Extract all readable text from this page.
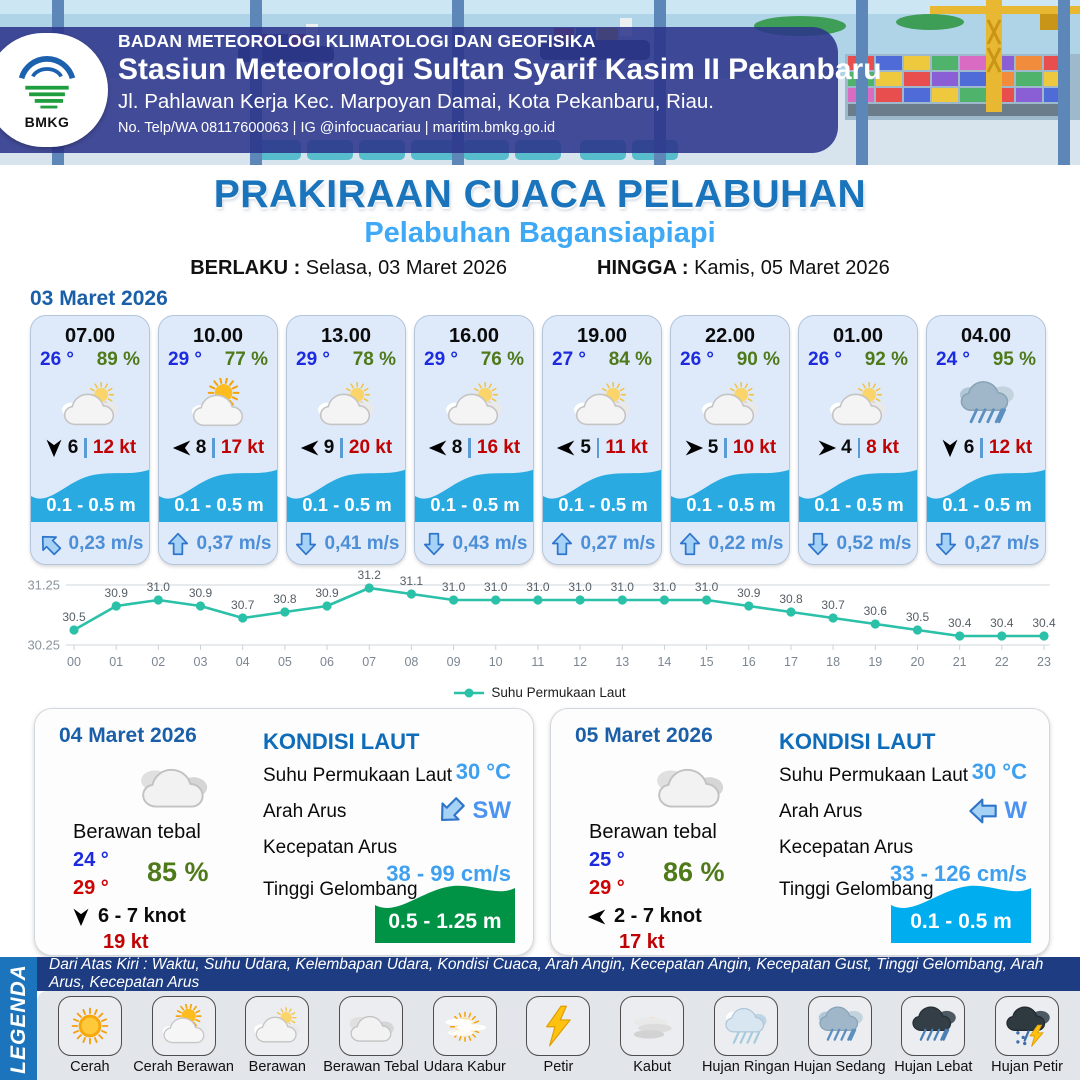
BMKG
BADAN METEOROLOGI KLIMATOLOGI DAN GEOFISIKA
Stasiun Meteorologi Sultan Syarif Kasim II Pekanbaru
Jl. Pahlawan Kerja Kec. Marpoyan Damai, Kota Pekanbaru, Riau.
No. Telp/WA 08117600063 | IG @infocuacariau | maritim.bmkg.go.id
PRAKIRAAN CUACA PELABUHAN
Pelabuhan Bagansiapiapi
BERLAKU : Selasa, 03 Maret 2026	HINGGA : Kamis, 05 Maret 2026
03 Maret 2026
07.00
26 ° 89 %
6 12 kt
0.1 - 0.5 m
0,23 m/s
10.00
29 ° 77 %
8 17 kt
0.1 - 0.5 m
0,37 m/s
13.00
29 ° 78 %
9 20 kt
0.1 - 0.5 m
0,41 m/s
16.00
29 ° 76 %
8 16 kt
0.1 - 0.5 m
0,43 m/s
19.00
27 ° 84 %
5 11 kt
0.1 - 0.5 m
0,27 m/s
22.00
26 ° 90 %
5 10 kt
0.1 - 0.5 m
0,22 m/s
01.00
26 ° 92 %
4 8 kt
0.1 - 0.5 m
0,52 m/s
04.00
24 ° 95 %
6 12 kt
0.1 - 0.5 m
0,27 m/s
31.25
30.25
30.5
00
30.9
01
31.0
02
30.9
03
30.7
04
30.8
05
30.9
06
31.2
07
31.1
08
31.0
09
31.0
10
31.0
11
31.0
12
31.0
13
31.0
14
31.0
15
30.9
16
30.8
17
30.7
18
30.6
19
30.5
20
30.4
21
30.4
22
30.4
23
Suhu Permukaan Laut
04 Maret 2026
Berawan tebal
24 °
29 °
85 %
6 - 7 knot
19 kt
KONDISI LAUT
Suhu Permukaan Laut 30 °C
Arah Arus	SW
Kecepatan Arus
38 - 99 cm/s
Tinggi Gelombang
0.5 - 1.25 m
05 Maret 2026
Berawan tebal
25 °
29 °
86 %
2 - 7 knot
17 kt
KONDISI LAUT
Suhu Permukaan Laut 30 °C
Arah Arus	W
Kecepatan Arus
33 - 126 cm/s
Tinggi Gelombang
0.1 - 0.5 m
LEGENDA	Dari Atas Kiri : Waktu, Suhu Udara, Kelembapan Udara, Kondisi Cuaca, Arah Angin, Kecepatan Angin, Kecepatan Gust, Tinggi Gelombang, Arah Arus, Kecepatan Arus
Cerah Cerah Berawan Berawan Berawan Tebal Udara Kabur	Petir	Kabut Hujan Ringan Hujan Sedang Hujan Lebat Hujan Petir
